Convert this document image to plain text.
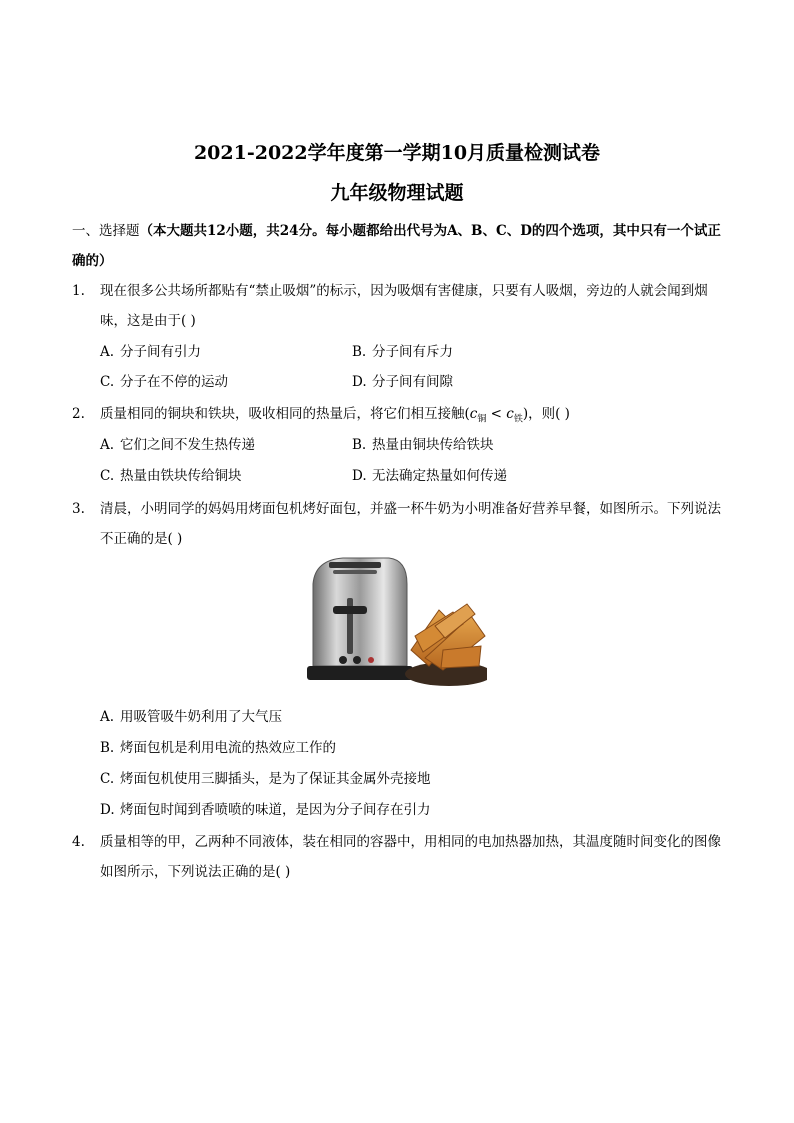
2021-2022学年度第一学期10月质量检测试卷
九年级物理试题
一、选择题（本大题共12小题，共24分。每小题都给出代号为A、B、C、D的四个选项，其中只有一个试正确的）
1.	现在很多公共场所都贴有“禁止吸烟”的标示，因为吸烟有害健康，只要有人吸烟，旁边的人就会闻到烟味，这是由于( )
A. 分子间有引力	B. 分子间有斥力
C. 分子在不停的运动	D. 分子间有间隙
2.	质量相同的铜块和铁块，吸收相同的热量后，将它们相互接触$(c_铜 < c_铁)$，则( )
A. 它们之间不发生热传递	B. 热量由铜块传给铁块
C. 热量由铁块传给铜块	D. 无法确定热量如何传递
3.	清晨，小明同学的妈妈用烤面包机烤好面包，并盛一杯牛奶为小明准备好营养早餐，如图所示。下列说法不正确的是( )
A. 用吸管吸牛奶利用了大气压
B. 烤面包机是利用电流的热效应工作的
C. 烤面包机使用三脚插头，是为了保证其金属外壳接地
D. 烤面包时闻到香喷喷的味道，是因为分子间存在引力
4.	质量相等的甲，乙两种不同液体，装在相同的容器中，用相同的电加热器加热，其温度随时间变化的图像如图所示，下列说法正确的是( )
